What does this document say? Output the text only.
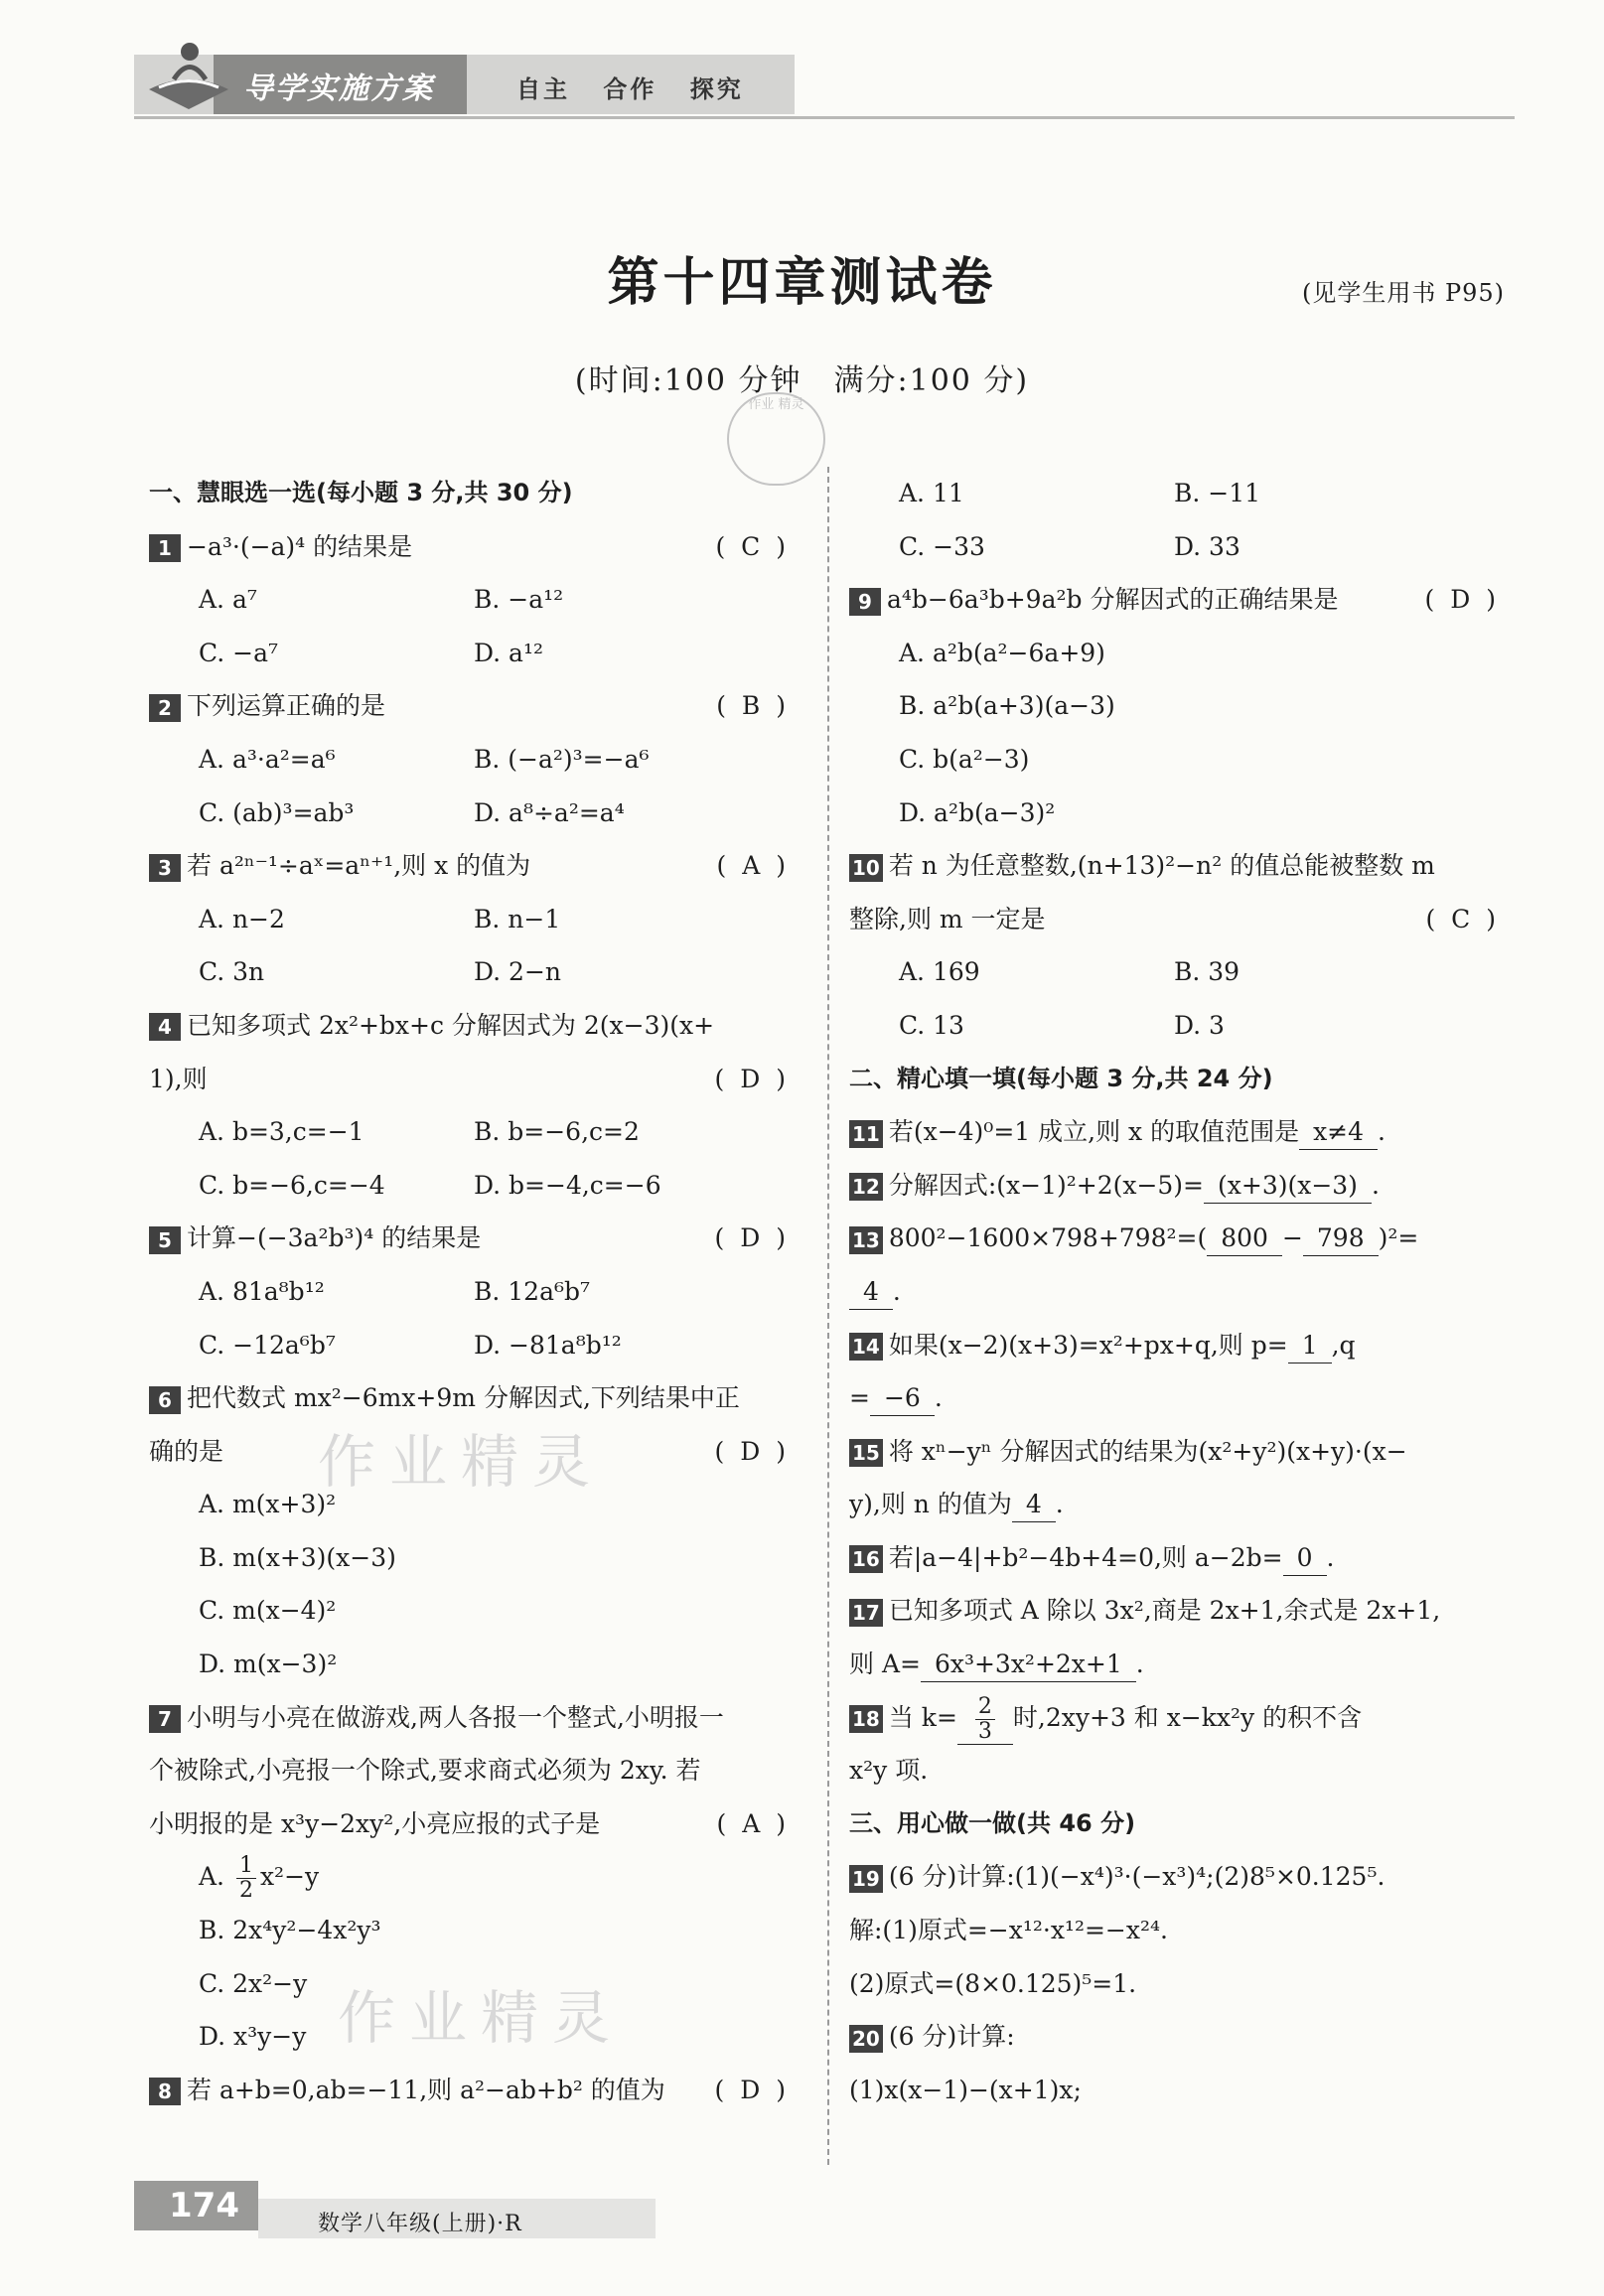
导学实施方案	自主 合作 探究
第十四章测试卷	(见学生用书 P95)
(时间:100 分钟　满分:100 分)
作业 精灵
作业精灵
作业精灵
一、慧眼选一选(每小题 3 分,共 30 分)
1 −a³·(−a)⁴ 的结果是	( C )
A. a⁷	B. −a¹²
C. −a⁷	D. a¹²
2 下列运算正确的是	( B )
A. a³·a²=a⁶	B. (−a²)³=−a⁶
C. (ab)³=ab³	D. a⁸÷a²=a⁴
3 若 a²ⁿ⁻¹÷aˣ=aⁿ⁺¹,则 x 的值为	( A )
A. n−2	B. n−1
C. 3n	D. 2−n
4 已知多项式 2x²+bx+c 分解因式为 2(x−3)(x+
1),则	( D )
A. b=3,c=−1	B. b=−6,c=2
C. b=−6,c=−4	D. b=−4,c=−6
5 计算−(−3a²b³)⁴ 的结果是	( D )
A. 81a⁸b¹²	B. 12a⁶b⁷
C. −12a⁶b⁷	D. −81a⁸b¹²
6 把代数式 mx²−6mx+9m 分解因式,下列结果中正
确的是	( D )
A. m(x+3)²
B. m(x+3)(x−3)
C. m(x−4)²
D. m(x−3)²
7 小明与小亮在做游戏,两人各报一个整式,小明报一
个被除式,小亮报一个除式,要求商式必须为 2xy. 若
小明报的是 x³y−2xy²,小亮应报的式子是	( A )
A. $\frac{1}{2} x^2-y$
B. 2x⁴y²−4x²y³
C. 2x²−y
D. x³y−y
8 若 a+b=0,ab=−11,则 a²−ab+b² 的值为 ( D )
A. 11	B. −11
C. −33	D. 33
9 a⁴b−6a³b+9a²b 分解因式的正确结果是	( D )
A. a²b(a²−6a+9)
B. a²b(a+3)(a−3)
C. b(a²−3)
D. a²b(a−3)²
10 若 n 为任意整数,(n+13)²−n² 的值总能被整数 m
整除,则 m 一定是	( C )
A. 169	B. 39
C. 13	D. 3
二、精心填一填(每小题 3 分,共 24 分)
11 若(x−4)⁰=1 成立,则 x 的取值范围是 x≠4 .
12 分解因式:(x−1)²+2(x−5)= (x+3)(x−3) .
13 800²−1600×798+798²=( 800 − 798 )²=
4 .
14 如果(x−2)(x+3)=x²+px+q,则 p= 1 ,q
= −6 .
15 将 xⁿ−yⁿ 分解因式的结果为(x²+y²)(x+y)·(x−
y),则 n 的值为 4 .
16 若|a−4|+b²−4b+4=0,则 a−2b= 0 .
17 已知多项式 A 除以 3x²,商是 2x+1,余式是 2x+1,
则 A= 6x³+3x²+2x+1 .
18 当 $k= \frac{2}{3}$ 时,2xy+3 和 x−kx²y 的积不含
x²y 项.
三、用心做一做(共 46 分)
19 (6 分)计算:(1)(−x⁴)³·(−x³)⁴;(2)8⁵×0.125⁵.
解:(1)原式=−x¹²·x¹²=−x²⁴.
(2)原式=(8×0.125)⁵=1.
20 (6 分)计算:
(1)x(x−1)−(x+1)x;
174	数学八年级(上册)·R
